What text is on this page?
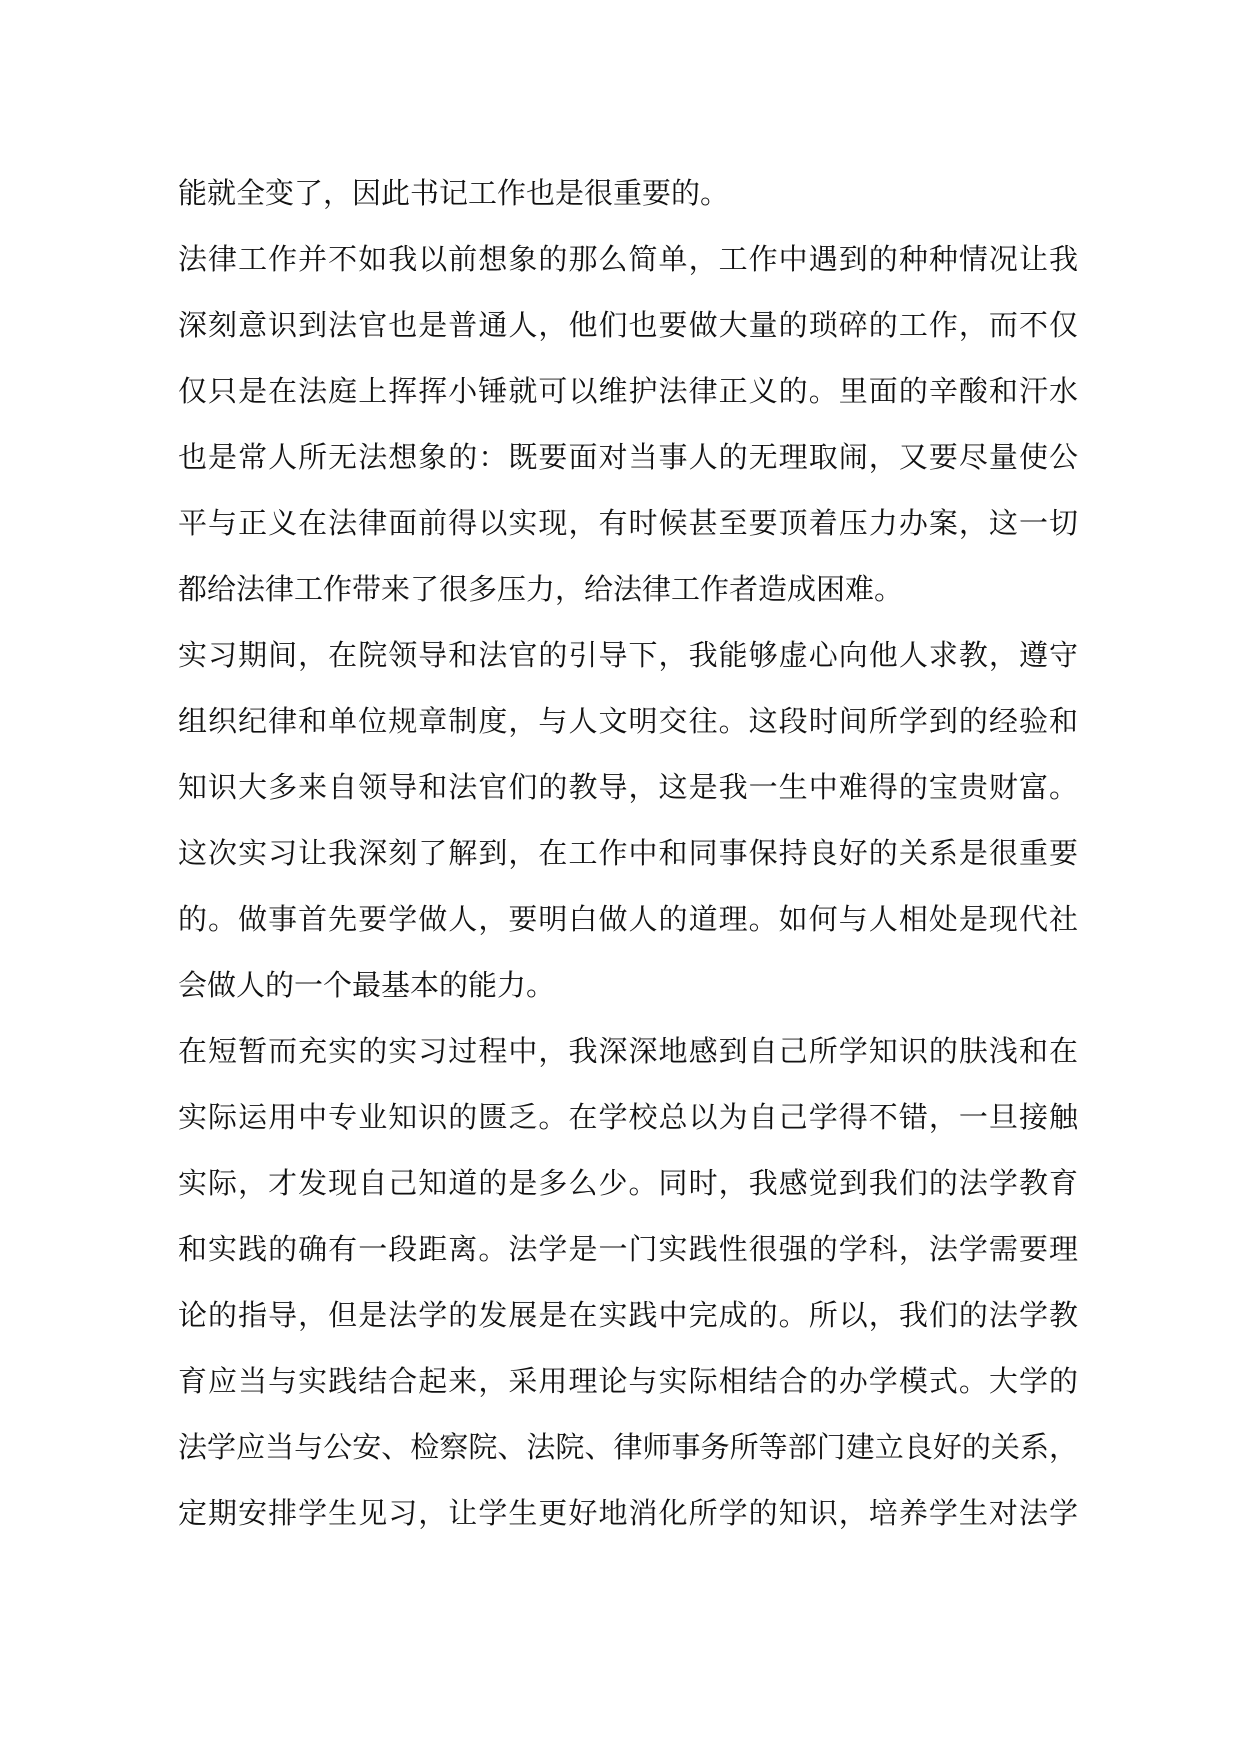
能就全变了，因此书记工作也是很重要的。
法律工作并不如我以前想象的那么简单，工作中遇到的种种情况让我
深刻意识到法官也是普通人，他们也要做大量的琐碎的工作，而不仅
仅只是在法庭上挥挥小锤就可以维护法律正义的。里面的辛酸和汗水
也是常人所无法想象的：既要面对当事人的无理取闹，又要尽量使公
平与正义在法律面前得以实现，有时候甚至要顶着压力办案，这一切
都给法律工作带来了很多压力，给法律工作者造成困难。
实习期间，在院领导和法官的引导下，我能够虚心向他人求教，遵守
组织纪律和单位规章制度，与人文明交往。这段时间所学到的经验和
知识大多来自领导和法官们的教导，这是我一生中难得的宝贵财富。
这次实习让我深刻了解到，在工作中和同事保持良好的关系是很重要
的。做事首先要学做人，要明白做人的道理。如何与人相处是现代社
会做人的一个最基本的能力。
在短暂而充实的实习过程中，我深深地感到自己所学知识的肤浅和在
实际运用中专业知识的匮乏。在学校总以为自己学得不错，一旦接触
实际，才发现自己知道的是多么少。同时，我感觉到我们的法学教育
和实践的确有一段距离。法学是一门实践性很强的学科，法学需要理
论的指导，但是法学的发展是在实践中完成的。所以，我们的法学教
育应当与实践结合起来，采用理论与实际相结合的办学模式。大学的
法学应当与公安、检察院、法院、律师事务所等部门建立良好的关系，
定期安排学生见习，让学生更好地消化所学的知识，培养学生对法学
